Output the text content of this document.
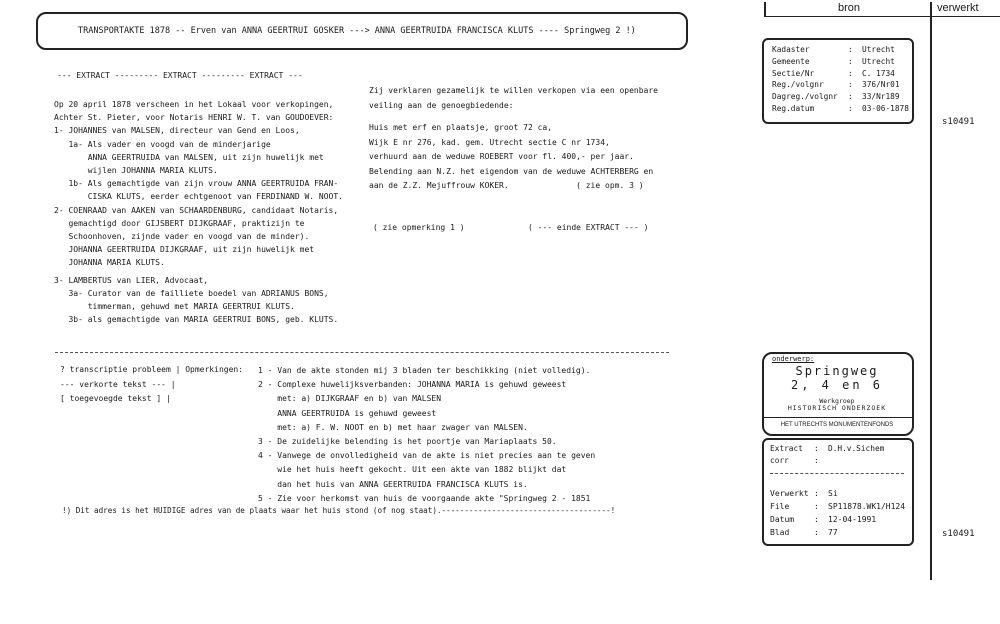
TRANSPORTAKTE 1878 -- Erven van ANNA GEERTRUI GOSKER ---> ANNA GEERTRUIDA FRANCISCA KLUTS ---- Springweg 2 !)
bron	verwerkt
--- EXTRACT --------- EXTRACT --------- EXTRACT ---
Op 20 april 1878 verscheen in het Lokaal voor verkopingen,
Achter St. Pieter, voor Notaris HENRI W. T. van GOUDOEVER:
1- JOHANNES van MALSEN, directeur van Gend en Loos,
1a- Als vader en voogd van de minderjarige
ANNA GEERTRUIDA van MALSEN, uit zijn huwelijk met
wijlen JOHANNA MARIA KLUTS.
1b- Als gemachtigde van zijn vrouw ANNA GEERTRUIDA FRAN-
CISKA KLUTS, eerder echtgenoot van FERDINAND W. NOOT.
2- COENRAAD van AAKEN van SCHAARDENBURG, candidaat Notaris,
gemachtigd door GIJSBERT DIJKGRAAF, praktizijn te
Schoonhoven, zijnde vader en voogd van de minder).
JOHANNA GEERTRUIDA DIJKGRAAF, uit zijn huwelijk met
JOHANNA MARIA KLUTS.
3- LAMBERTUS van LIER, Advocaat,
3a- Curator van de failliete boedel van ADRIANUS BONS,
timmerman, gehuwd met MARIA GEERTRUI KLUTS.
3b- als gemachtigde van MARIA GEERTRUI BONS, geb. KLUTS.
Zij verklaren gezamelijk te willen verkopen via een openbare
veiling aan de genoegbiedende:
Huis met erf en plaatsje, groot 72 ca,
Wijk E nr 276, kad. gem. Utrecht sectie C nr 1734,
verhuurd aan de weduwe ROEBERT voor fl. 400,- per jaar.
Belending aan N.Z. het eigendom van de weduwe ACHTERBERG en
aan de Z.Z. Mejuffrouw KOKER.              ( zie opm. 3 )
( zie opmerking 1 )	( --- einde EXTRACT --- )
? transcriptie probleem | Opmerkingen:
--- verkorte tekst --- |
[ toegevoegde tekst ] |
1 - Van de akte stonden mij 3 bladen ter beschikking (niet volledig).
2 - Complexe huwelijksverbanden: JOHANNA MARIA is gehuwd geweest
met: a) DIJKGRAAF en b) van MALSEN
ANNA GEERTRUIDA is gehuwd geweest
met: a) F. W. NOOT en b) met haar zwager van MALSEN.
3 - De zuidelijke belending is het poortje van Mariaplaats 50.
4 - Vanwege de onvolledigheid van de akte is niet precies aan te geven
wie het huis heeft gekocht. Uit een akte van 1882 blijkt dat
dan het huis van ANNA GEERTRUIDA FRANCISCA KLUTS is.
5 - Zie voor herkomst van huis de voorgaande akte "Springweg 2 - 1851
!) Dit adres is het HUIDIGE adres van de plaats waar het huis stond (of nog staat).-------------------------------------!
Kadaster	: Utrecht
Gemeente	: Utrecht
Sectie/Nr	: C. 1734
Reg./volgnr	: 376/Nr01
Dagreg./volgnr : 33/Nr189
Reg.datum	: 03-06-1878
s10491
onderwerp:
Springweg
2, 4 en 6
Werkgroep
HISTORISCH ONDERZOEK
HET UTRECHTS MONUMENTENFONDS
Extract : D.H.v.Sichem
corr	:
Verwerkt : Si
File	: SP11878.WK1/H124
Datum : 12-04-1991
Blad	: 77	s10491
